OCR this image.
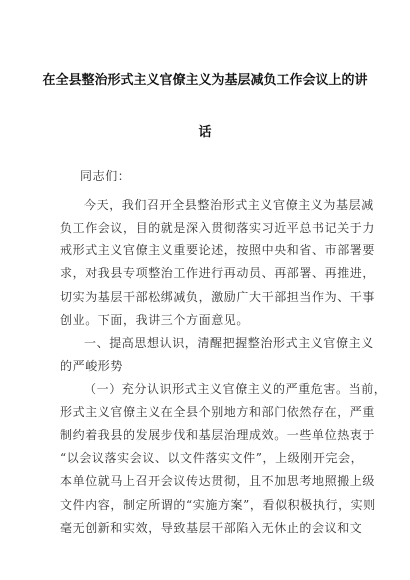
在全县整治形式主义官僚主义为基层减负工作会议上的讲
话
同志们：
今天，我们召开全县整治形式主义官僚主义为基层减
负工作会议，目的就是深入贯彻落实习近平总书记关于力
戒形式主义官僚主义重要论述，按照中央和省、市部署要
求，对我县专项整治工作进行再动员、再部署、再推进，
切实为基层干部松绑减负，激励广大干部担当作为、干事
创业。下面，我讲三个方面意见。
一、提高思想认识，清醒把握整治形式主义官僚主义
的严峻形势
（一）充分认识形式主义官僚主义的严重危害。当前，
形式主义官僚主义在全县个别地方和部门依然存在，严重
制约着我县的发展步伐和基层治理成效。一些单位热衷于
“以会议落实会议、以文件落实文件”，上级刚开完会，
本单位就马上召开会议传达贯彻，且不加思考地照搬上级
文件内容，制定所谓的“实施方案”，看似积极执行，实则
毫无创新和实效，导致基层干部陷入无休止的会议和文
